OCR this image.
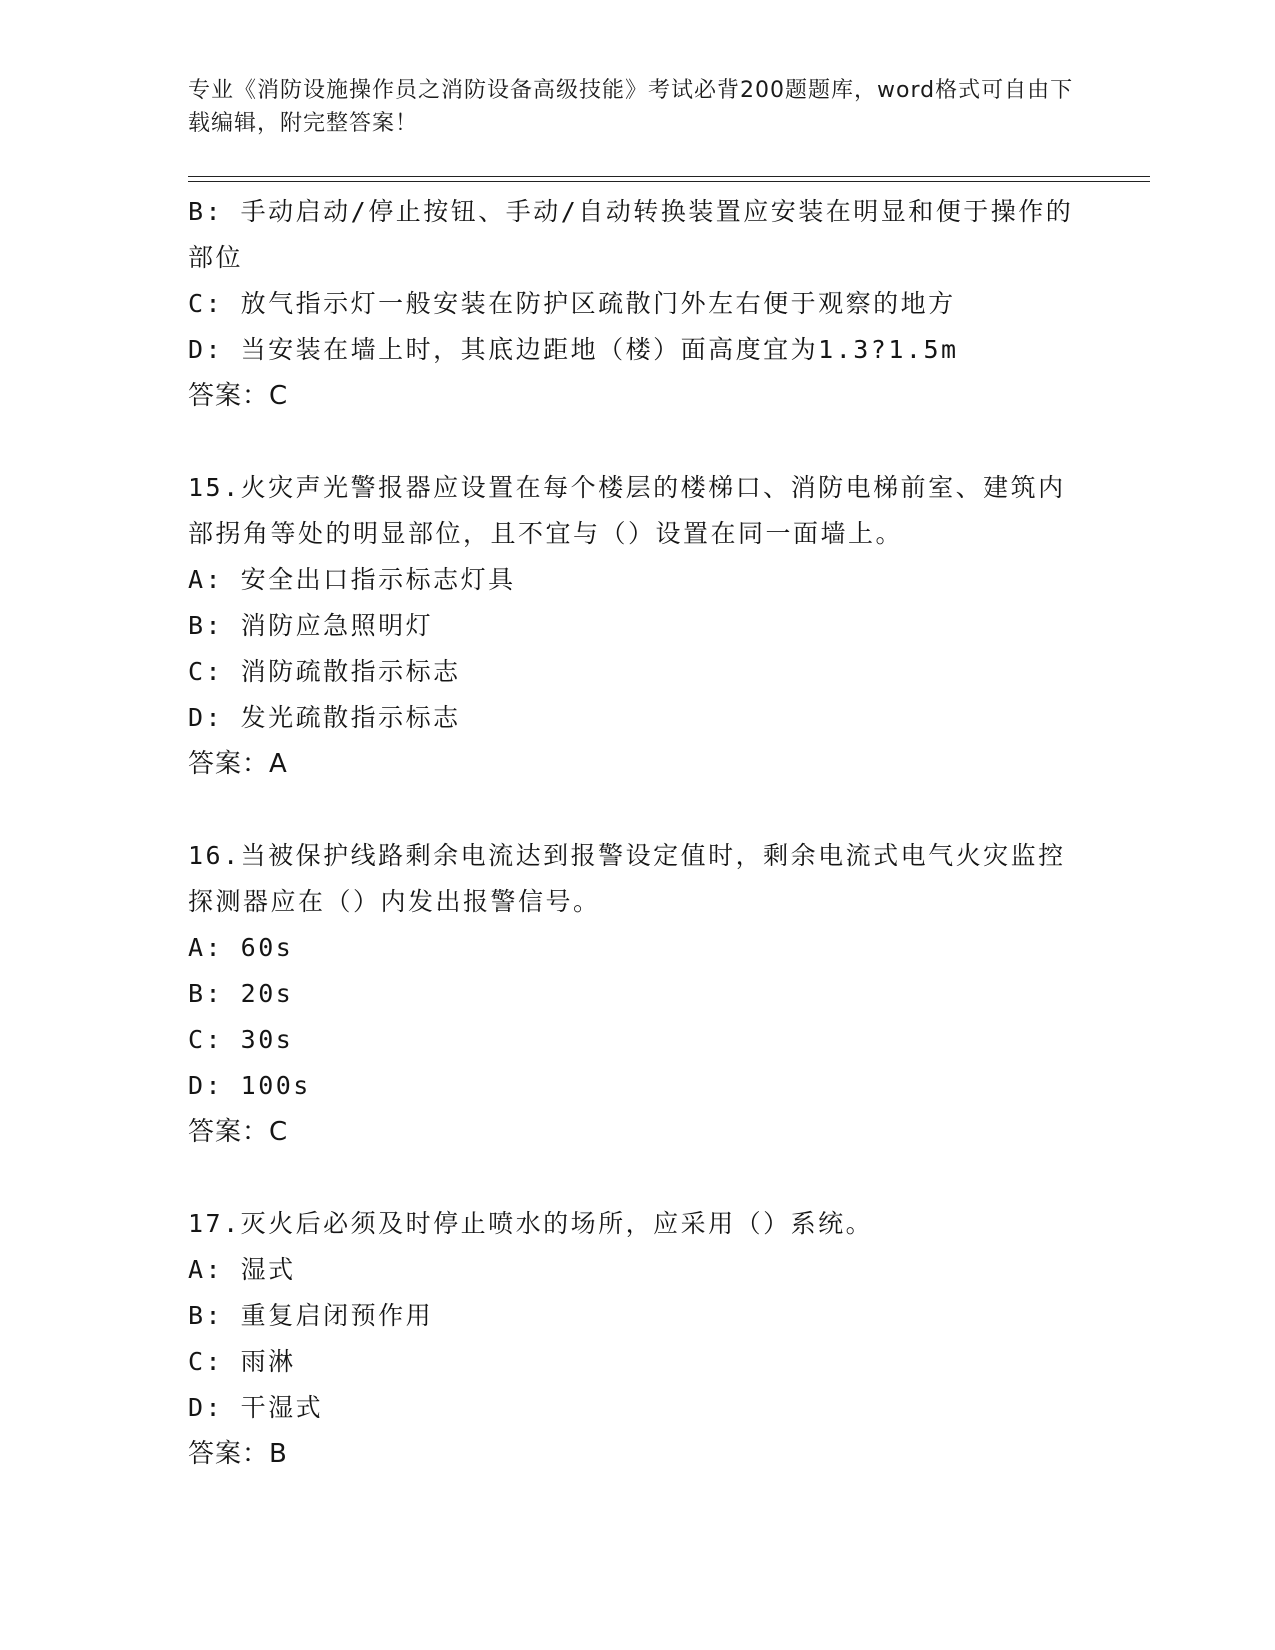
专业《消防设施操作员之消防设备高级技能》考试必背200题题库，word格式可自由下载编辑，附完整答案！
B: 手动启动/停止按钮、手动/自动转换装置应安装在明显和便于操作的部位
C: 放气指示灯一般安装在防护区疏散门外左右便于观察的地方
D: 当安装在墙上时，其底边距地（楼）面高度宜为1.3?1.5m
答案：C
15.火灾声光警报器应设置在每个楼层的楼梯口、消防电梯前室、建筑内部拐角等处的明显部位，且不宜与（）设置在同一面墙上。
A: 安全出口指示标志灯具
B: 消防应急照明灯
C: 消防疏散指示标志
D: 发光疏散指示标志
答案：A
16.当被保护线路剩余电流达到报警设定值时，剩余电流式电气火灾监控探测器应在（）内发出报警信号。
A: 60s
B: 20s
C: 30s
D: 100s
答案：C
17.灭火后必须及时停止喷水的场所，应采用（）系统。
A: 湿式
B: 重复启闭预作用
C: 雨淋
D: 干湿式
答案：B
